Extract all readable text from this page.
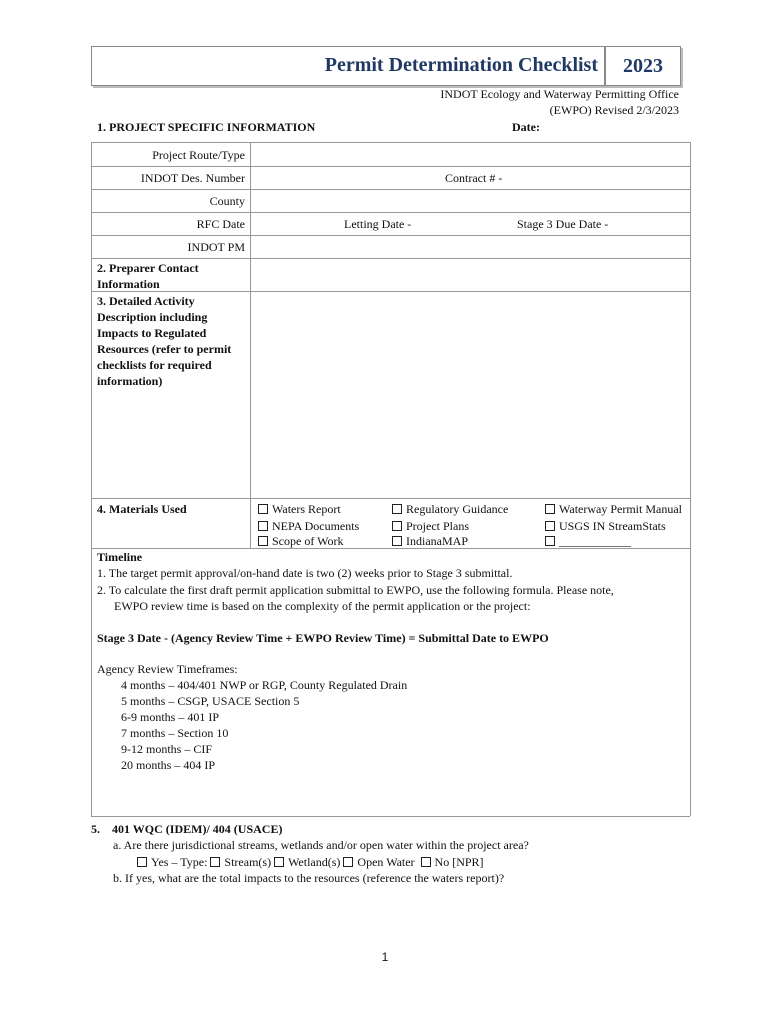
Permit Determination Checklist	2023
INDOT Ecology and Waterway Permitting Office
(EWPO) Revised 2/3/2023
1. PROJECT SPECIFIC INFORMATION	Date:
Project Route/Type
INDOT Des. Number	Contract # -
County
RFC Date	Letting Date -	Stage 3 Due Date -
INDOT PM
2. Preparer Contact Information
3. Detailed Activity Description including Impacts to Regulated Resources (refer to permit checklists for required information)
4. Materials Used	Waters Report	Regulatory Guidance	Waterway Permit Manual
NEPA Documents	Project Plans	USGS IN StreamStats
Scope of Work	IndianaMAP	____________
Timeline
1. The target permit approval/on-hand date is two (2) weeks prior to Stage 3 submittal.
2. To calculate the first draft permit application submittal to EWPO, use the following formula. Please note,
EWPO review time is based on the complexity of the permit application or the project:
Stage 3 Date - (Agency Review Time + EWPO Review Time) = Submittal Date to EWPO
Agency Review Timeframes:
4 months – 404/401 NWP or RGP, County Regulated Drain
5 months – CSGP, USACE Section 5
6-9 months – 401 IP
7 months – Section 10
9-12 months – CIF
20 months – 404 IP
5.    401 WQC (IDEM)/ 404 (USACE)
a. Are there jurisdictional streams, wetlands and/or open water within the project area?
Yes – Type: Stream(s) Wetland(s) Open Water No [NPR]
b. If yes, what are the total impacts to the resources (reference the waters report)?
1
